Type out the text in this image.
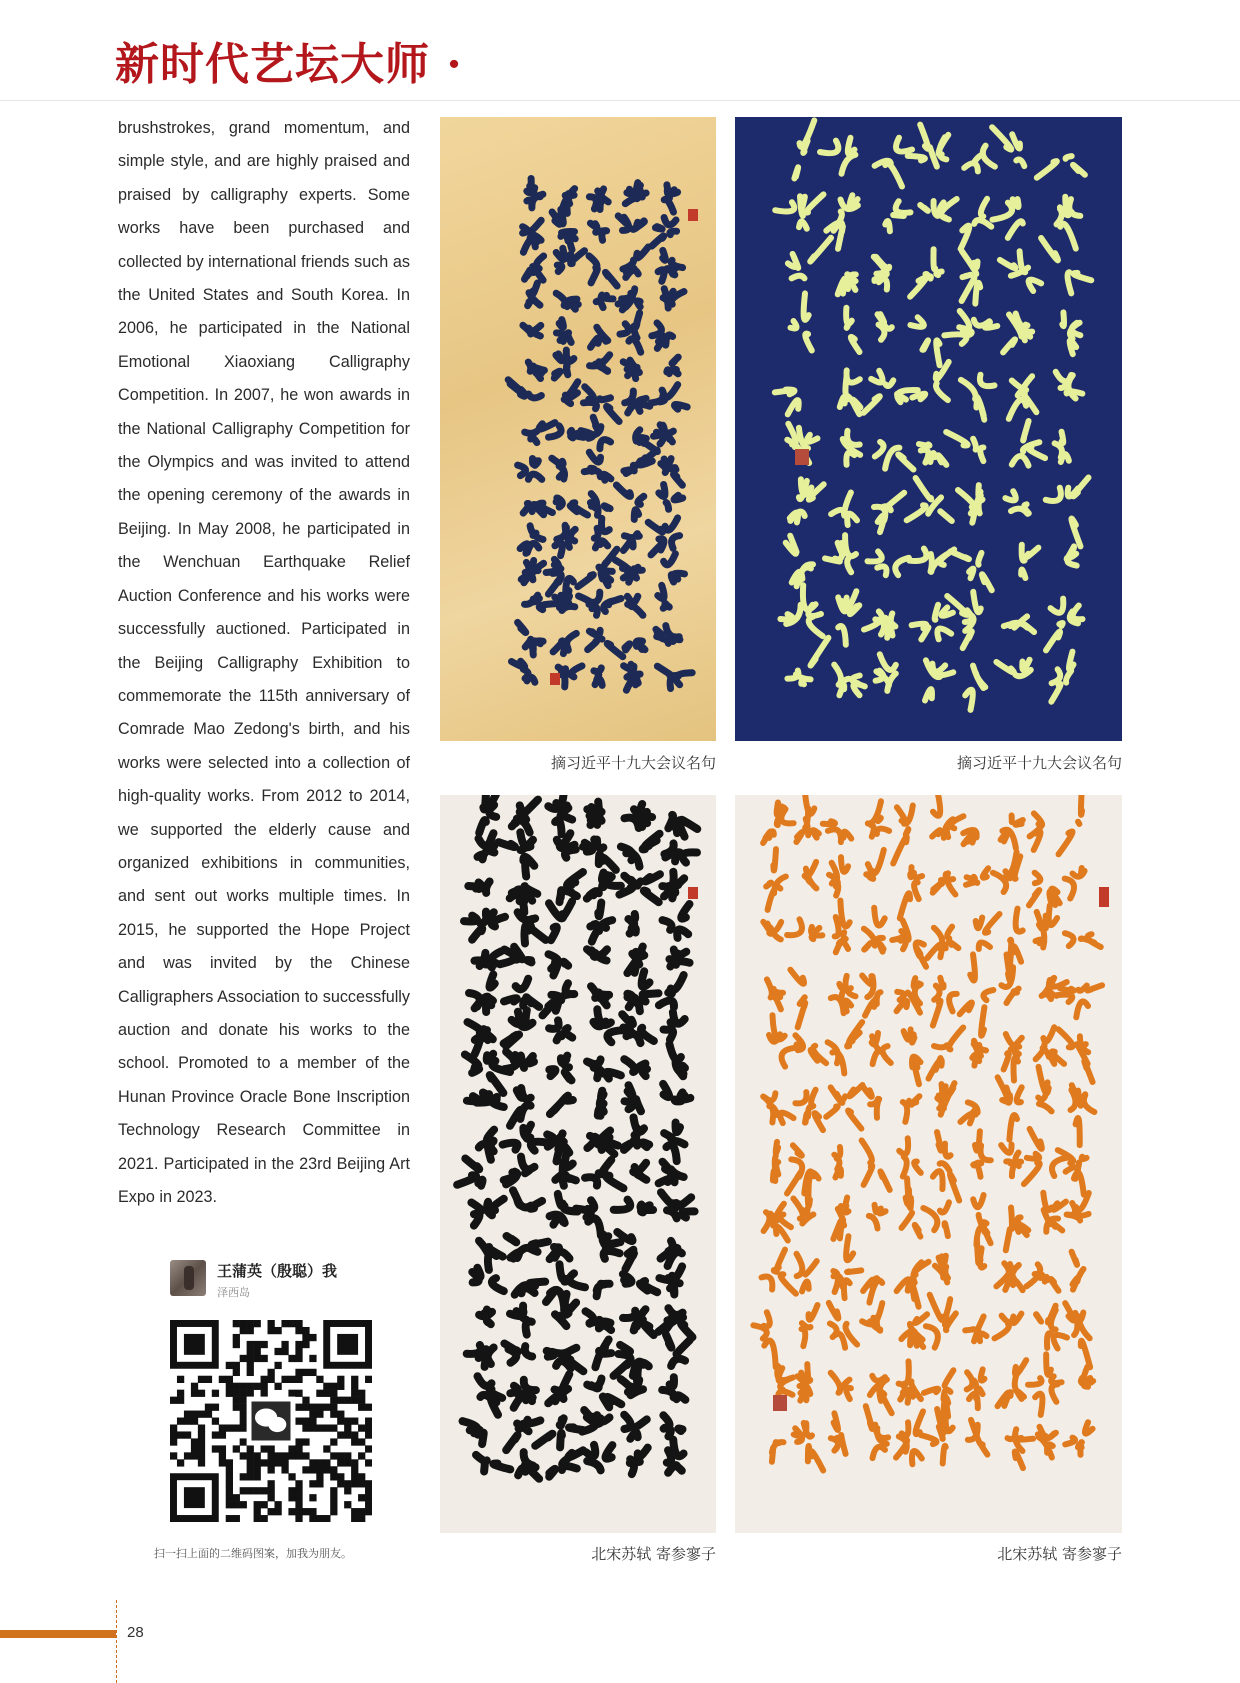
新时代艺坛大师 ·
brushstrokes, grand momentum, and simple style, and are highly praised and praised by calligraphy experts. Some works have been purchased and collected by international friends such as the United States and South Korea. In 2006, he participated in the National Emotional Xiaoxiang Calligraphy Competition. In 2007, he won awards in the National Calligraphy Competition for the Olympics and was invited to attend the opening ceremony of the awards in Beijing. In May 2008, he participated in the Wenchuan Earthquake Relief Auction Conference and his works were successfully auctioned. Participated in the Beijing Calligraphy Exhibition to commemorate the 115th anniversary of Comrade Mao Zedong's birth, and his works were selected into a collection of high-quality works. From 2012 to 2014, we supported the elderly cause and organized exhibitions in communities, and sent out works multiple times. In 2015, he supported the Hope Project and was invited by the Chinese Calligraphers Association to successfully auction and donate his works to the school. Promoted to a member of the Hunan Province Oracle Bone Inscription Technology Research Committee in 2021. Participated in the 23rd Beijing Art Expo in 2023.
摘习近平十九大会议名句	摘习近平十九大会议名句
北宋苏轼 寄参寥子	北宋苏轼 寄参寥子
王蒲英（殷聪）我
泽西岛
扫一扫上面的二维码图案，加我为朋友。
28
